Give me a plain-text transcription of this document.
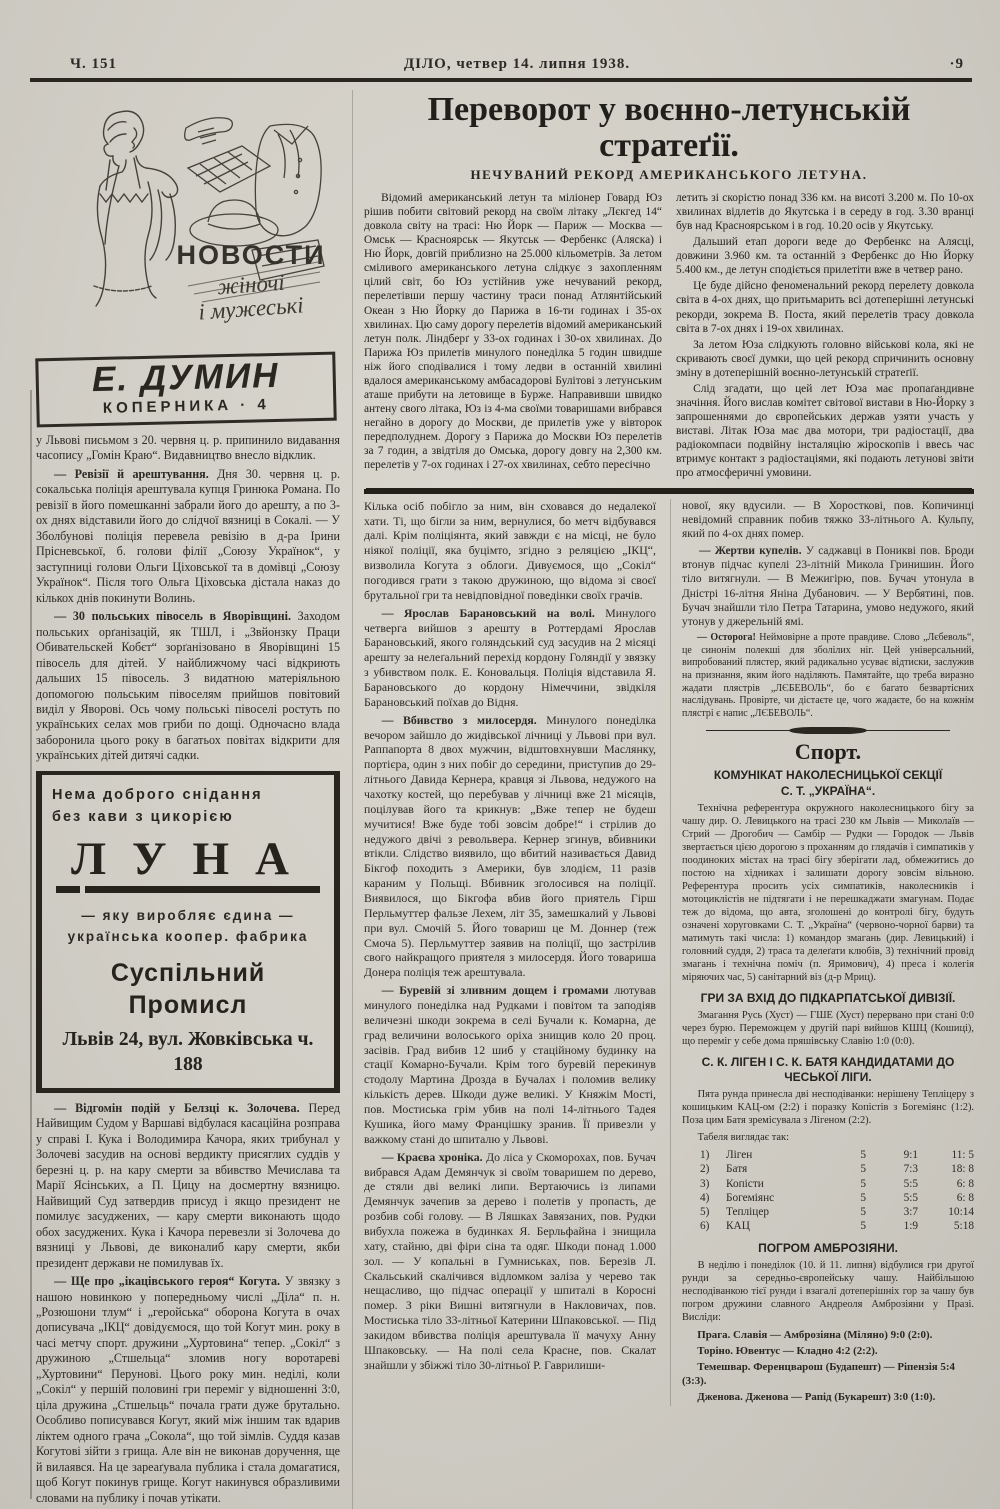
Ч. 151	ДІЛО, четвер 14. липня 1938.	·9
НОВОСТИ
жіночі
і мужеські
Е. ДУМИН
КОПЕРНИКА · 4

у Львові письмом з 20. червня ц. р. припинило видавання часопису „Гомін Краю“. Видавництво внесло відклик.

— Ревізії й арештування. Дня 30. червня ц. р. сокальська поліція арештувала купця Гринюка Романа. По ревізії в його помешканні забрали його до арешту, а по 3-ох днях відставили його до слідчої вязниці в Сокалі. — У Зболбунові поліція перевела ревізію в д-ра Ірини Прісневської, б. голови філії „Союзу Українок“, у заступниці голови Ольги Ціховської та в домівці „Союзу Українок“. Після того Ольга Ціховська дістала наказ до кількох днів покинути Волинь.

— 30 польських півосель в Яворівщині. Заходом польських орґанізацій, як ТШЛ, і „Звйонзку Праци Обивательскей Кобєт“ зорґанізовано в Яворівщині 15 півосель для дітей. У найближчому часі відкриють дальших 15 півосель. З видатною матеріяльною допомогою польським півоселям прийшов повітовий виділ у Яворові. Ось чому польські півоселі ростуть по українських селах мов гриби по дощі. Одночасно влада заборонила цього року в багатьох повітах відкрити для українських дітей дитячі садки.

Нема доброго снідання
без кави з цикорією
ЛУНА
— яку виробляє єдина —
українська коопер. фабрика
Суспільний Промисл
Львів 24, вул. Жовківська ч. 188

— Відгомін подій у Белзці к. Золочева. Перед Найвищим Судом у Варшаві відбулася касаційна розправа у справі І. Кука і Володимира Качора, яких трибунал у Золочеві засудив на основі вердикту присяглих суддів у березні ц. р. на кару смерти за вбивство Мечислава та Марії Ясінських, а П. Цицу на досмертну вязницю. Найвищий Суд затвердив присуд і якщо президент не помилує засуджених, — кару смерти виконають щодо обох засуджених. Кука і Качора перевезли зі Золочева до вязниці у Львові, де виконалиб кару смерти, якби президент держави не помилував їх.

— Ще про „ікацівського героя“ Когута. У звязку з нашою новинкою у попередньому числі „Діла“ п. н. „Розюшони тлум“ і „геройська“ оборона Когута в очах дописувача „ІКЦ“ довідуємося, що той Когут мин. року в часі метчу спорт. дружини „Хуртовина“ тепер. „Сокіл“ з дружиною „Стшельца“ зломив ногу воротареві „Хуртовини“ Перунові. Цього року мин. неділі, коли „Сокіл“ у першій половині гри переміг у відношенні 3:0, ціла дружина „Стшельць“ почала грати дуже брутально. Особливо пописувався Когут, який між іншим так вдарив ліктем одного грача „Сокола“, що той зімлів. Суддя казав Когутові зійти з грища. Але він не виконав доручення, ще й вилаявся. На це зареаґувала публика і стала домагатися, щоб Когут покинув грище. Когут накинувся образливими словами на публику і почав утікати.

Переворот у воєнно-летунській стратеґії.
НЕЧУВАНИЙ РЕКОРД АМЕРИКАНСЬКОГО ЛЕТУНА.

Відомий американський летун та міліонер Говард Юз рішив побити світовий рекорд на своїм літаку „Лєкгед 14“ довкола світу на трасі: Ню Йорк — Париж — Москва — Омськ — Красноярськ — Якутськ — Фербенкс (Аляска) і Ню Йорк, довгій приблизно на 25.000 кільометрів. За летом сміливого американського летуна слідкує з захопленням цілий світ, бо Юз устійнив уже нечуваний рекорд, перелетівши першу частину траси понад Атлянтійський Океан з Ню Йорку до Парижа в 16-ти годинах і 35-ох хвилинах. Цю саму дорогу перелетів відомий американський летун полк. Ліндберґ у 33-ох годинах і 30-ох хвилинах. До Парижа Юз прилетів минулого понеділка 5 годин швидше ніж його сподівалися і тому ледви в останній хвилині вдалося американському амбасадорові Булітові з летунським аташе прибути на летовище в Бурже. Направивши швидко антену свого літака, Юз із 4-ма своїми товаришами вибрався негайно в дорогу до Москви, де прилетів уже у вівторок передполуднем. Дорогу з Парижа до Москви Юз перелетів за 7 годин, а звідтіля до Омська, дорогу довгу на 2,300 км. перелетів у 7-ох годинах і 27-ох хвилинах, себто пересічно

летить зі скорістю понад 336 км. на висоті 3.200 м. По 10-ох хвилинах відлетів до Якутська і в середу в год. 3.30 вранці був над Красноярськом і в год. 10.20 осів у Якутську.

Дальший етап дороги веде до Фербенкс на Алясці, довжини 3.960 км. та останній з Фербенкс до Ню Йорку 5.400 км., де летун сподіється прилетіти вже в четвер рано.

Це буде дійсно феноменальний рекорд перелету довкола світа в 4-ох днях, що притьмарить всі дотеперішні летунські рекорди, зокрема В. Поста, який перелетів трасу довкола світа в 7-ох днях і 19-ох хвилинах.

За летом Юза слідкують головно військові кола, які не скривають своєї думки, що цей рекорд спричинить основну зміну в дотеперішній воєнно-летунській стратеґії.

Слід згадати, що цей лет Юза має пропаґандивне значіння. Його вислав комітет світової вистави в Ню-Йорку з запрошеннями до європейських держав узяти участь у виставі. Літак Юза має два мотори, три радіостації, два радіокомпаси подвійну інсталяцію жіроскопів і ввесь час втримує контакт з радіостаціями, які подають летунові звіти про атмосферичні умовини.

Кілька осіб побігло за ним, він сховався до недалекої хати. Ті, що бігли за ним, вернулися, бо метч відбувався далі. Крім поліціянта, який завжди є на місці, не було ніякої поліції, яка буцімто, згідно з реляцією „ІКЦ“, визволила Когута з облоги. Дивуємося, що „Сокіл“ погодився грати з такою дружиною, що відома зі своєї брутальної гри та невідповідної поведінки своїх грачів.

— Ярослав Барановський на волі. Минулого четверга вийшов з арешту в Роттердамі Ярослав Барановський, якого голяндський суд засудив на 2 місяці арешту за нелеґальний перехід кордону Голяндії у звязку з убивством полк. Е. Коновальця. Поліція відставила Я. Барановського до кордону Німеччини, звідкіля Барановський поїхав до Відня.

— Вбивство з милосердя. Минулого понеділка вечором зайшло до жидівської лічниці у Львові при вул. Раппапорта 8 двох мужчин, відштовхнувши Маслянку, портієра, один з них побіг до середини, приступив до 29-літнього Давида Кернера, кравця зі Львова, недужого на чахотку костей, що перебував у лічниці вже 21 місяців, поцілував його та крикнув: „Вже тепер не будеш мучитися! Вже буде тобі зовсім добре!“ і стрілив до недужого двічі з револьвера. Кернер згинув, вбивники втікли. Слідство виявило, що вбитий називається Давид Бікгоф походить з Америки, був злодієм, 11 разів караним у Польщі. Вбивник зголосився на поліції. Виявилося, що Бікгофа вбив його приятель Гірш Перльмуттер фальзе Лехем, літ 35, замешкалий у Львові при вул. Смочій 5. Його товариш це М. Доннер (теж Смоча 5). Перльмуттер заявив на поліції, що застрілив свого найкращого приятеля з милосердя. Його товариша Донера поліція теж арештувала.

— Буревій зі зливним дощем і громами лютував минулого понеділка над Рудками і повітом та заподіяв величезні шкоди зокрема в селі Бучали к. Комарна, де град величини волоського оріха знищив коло 20 проц. засівів. Град вибив 12 шиб у стаційному будинку на стації Комарно-Бучали. Крім того буревій перекинув стодолу Мартина Дрозда в Бучалах і поломив велику кількість дерев. Шкоди дуже великі. У Княжім Мості, пов. Мостиська грім убив на полі 14-літнього Тадея Кушика, його маму Францішку зранив. Її привезли у важкому стані до шпиталю у Львові.

— Краєва хроніка. До ліса у Скоморохах, пов. Бучач вибрався Адам Демянчук зі своїм товаришем по дерево, де стяли дві великі липи. Вертаючись із липами Демянчук зачепив за дерево і полетів у пропасть, де розбив собі голову. — В Ляшках Завязаних, пов. Рудки вибухла пожежа в будинках Я. Берльфайна і знищила хату, стайню, дві фіри сіна та одяг. Шкоди понад 1.000 зол. — У копальні в Гумниськах, пов. Березів Л. Скальський скалічився відломком заліза у черево так нещасливо, що підчас операції у шпиталі в Коросні помер. З ріки Вишні витягнули в Накловичах, пов. Мостиська тіло 33-літньої Катерини Шпаковської. — Під закидом вбивства поліція арештувала її мачуху Анну Шпаковську. — На полі села Красне, пов. Скалат знайшли у збіжжі тіло 30-літньої Р. Гаврилиши-

нової, яку вдусили. — В Хоросткові, пов. Копичинці невідомий справник побив тяжко 33-літнього А. Кульпу, який по 4-ох днях помер.

— Жертви купелів. У саджавці в Поникві пов. Броди втонув підчас купелі 23-літній Микола Гринишин. Його тіло витягнули. — В Межигірю, пов. Бучач утонула в Дністрі 16-літня Яніна Дубанович. — У Вербятині, пов. Бучач знайшли тіло Петра Татарина, умово недужого, який утонув у джерельній ямі.

— Осторога! Неймовірне а проте правдиве. Слово „Лєбеволь“, це синонім полекші для зболілих ніг. Цей універсальний, випробований плястер, який радикально усуває відтиски, заслужив на признання, яким його наділяють. Памятайте, що треба виразно жадати плястрів „ЛЄБЕВОЛЬ“, бо є багато безвартісних наслідувань. Провірте, чи дістаєте це, чого жадаєте, бо на кожнім плястрі є напис „ЛЄБЕВОЛЬ“.

Спорт.
КОМУНІКАТ НАКОЛЕСНИЦЬКОЇ СЕКЦІЇ
С. Т. „УКРАЇНА“.

Технічна референтура окружного наколесницького бігу за чашу дир. О. Левицького на трасі 230 км Львів — Миколаїв — Стрий — Дрогобич — Самбір — Рудки — Городок — Львів звертається цією дорогою з проханням до глядачів і симпатиків у поодиноких містах на трасі бігу зберігати лад, обмежитись до постою на хідниках і залишати дорогу зовсім вільною. Референтура просить усіх симпатиків, наколесників і мотоциклістів не підтягати і не перешкаджати змагунам. Подає теж до відома, що авта, зголошені до контролі бігу, будуть означені хоруговками С. Т. „Україна“ (червоно-чорної барви) та матимуть такі числа: 1) командор змагань (дир. Левицький) і головний суддя, 2) траса та делеґати клюбів, 3) технічний провід змагань і технічна поміч (п. Яримович), 4) преса і колегія міряючих час, 5) санітарний віз (д-р Мриц).

ГРИ ЗА ВХІД ДО ПІДКАРПАТСЬКОЇ ДИВІЗІЇ.

Змагання Русь (Хуст) — ГШЕ (Хуст) перервано при стані 0:0 через бурю. Переможцем у другій парі вийшов КШЦ (Кошиці), що переміг у себе дома пряшівську Славію 1:0 (0:0).

С. К. ЛІГЕН І С. К. БАТЯ КАНДИДАТАМИ ДО ЧЕСЬКОЇ ЛІГИ.

Пята рунда принесла дві несподіванки: нерішену Тепліцеру з кошицьким КАЦ-ом (2:2) і поразку Копістів з Богеміянс (1:2). Поза цим Батя зремісувала з Лігеном (2:2).

Табеля виглядає так:

1)	Ліген	5	9:1	11: 5
2)	Батя	5	7:3	18: 8
3)	Копісти	5	5:5	6: 8
4)	Богеміянс	5	5:5	6: 8
5)	Тепліцер	5	3:7	10:14
6)	КАЦ	5	1:9	5:18
ПОГРОМ АМБРОЗІЯНИ.

В неділю і понеділок (10. й 11. липня) відбулися гри другої рунди за середньо-європейську чашу. Найбільшою несподіванкою тієї рунди і взагалі дотеперішніх гор за чашу був погром дружини славного Андреоля Амброзіяни у Празі. Висліди:

Прага. Славія — Амброзіяна (Міляно) 9:0 (2:0).

Торіно. Ювентус — Кладно 4:2 (2:2).

Темешвар. Ференцварош (Будапешт) — Ріпензія 5:4 (3:3).

Дженова. Дженова — Рапід (Букарешт) 3:0 (1:0).
